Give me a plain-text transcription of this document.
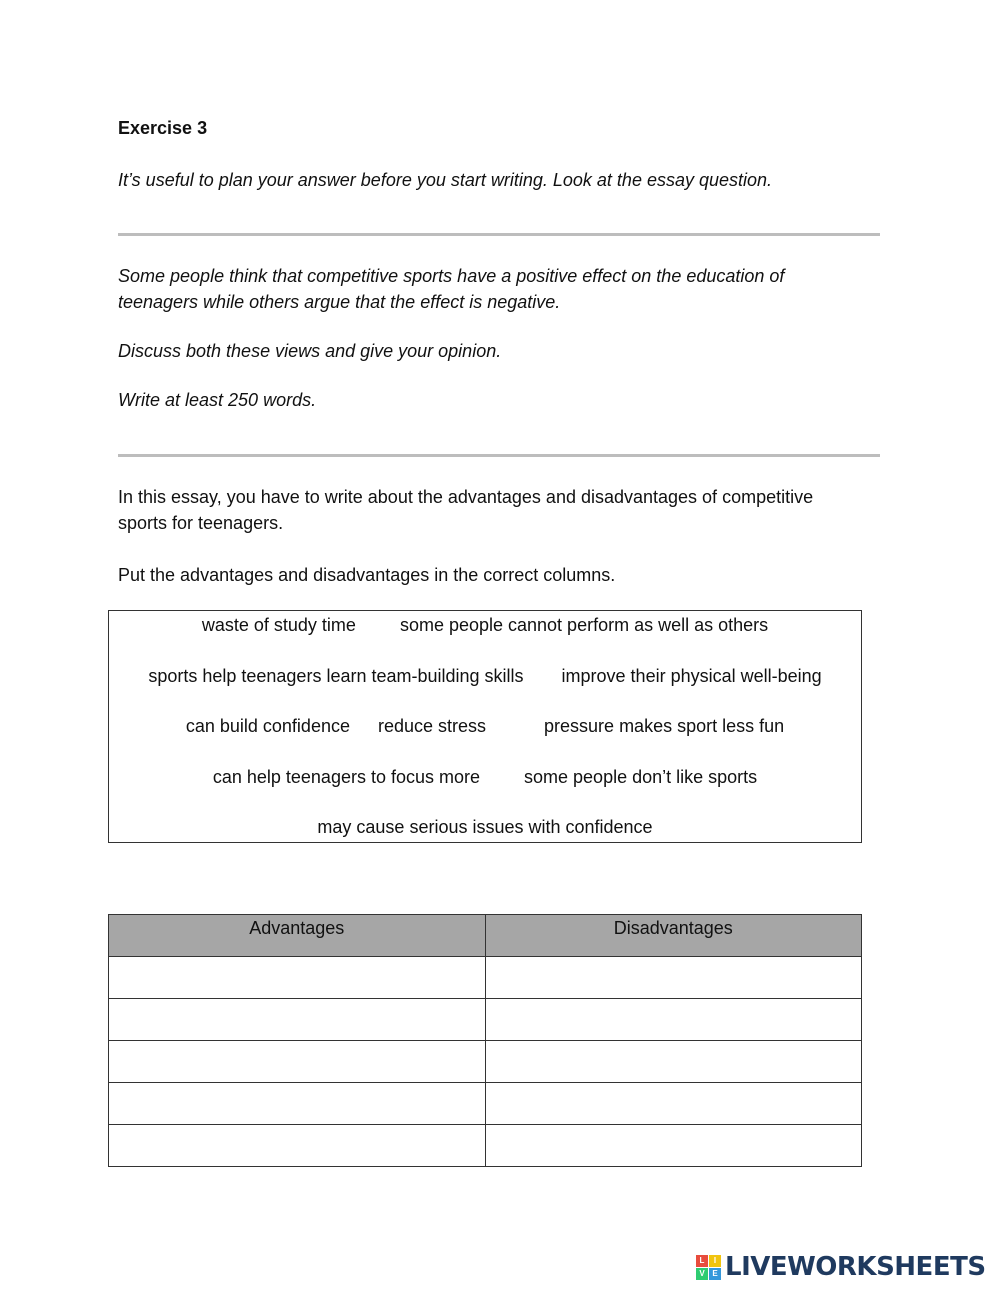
Exercise 3
It’s useful to plan your answer before you start writing. Look at the essay question.
Some people think that competitive sports have a positive effect on the education of
teenagers while others argue that the effect is negative.
Discuss both these views and give your opinion.
Write at least 250 words.
In this essay, you have to write about the advantages and disadvantages of competitive
sports for teenagers.
Put the advantages and disadvantages in the correct columns.
waste of study time some people cannot perform as well as others
sports help teenagers learn team-building skills improve their physical well-being
can build confidence reduce stress	pressure makes sport less fun
can help teenagers to focus more some people don’t like sports
may cause serious issues with confidence
Advantages	Disadvantages

L	I
V E LIVEWORKSHEETS
